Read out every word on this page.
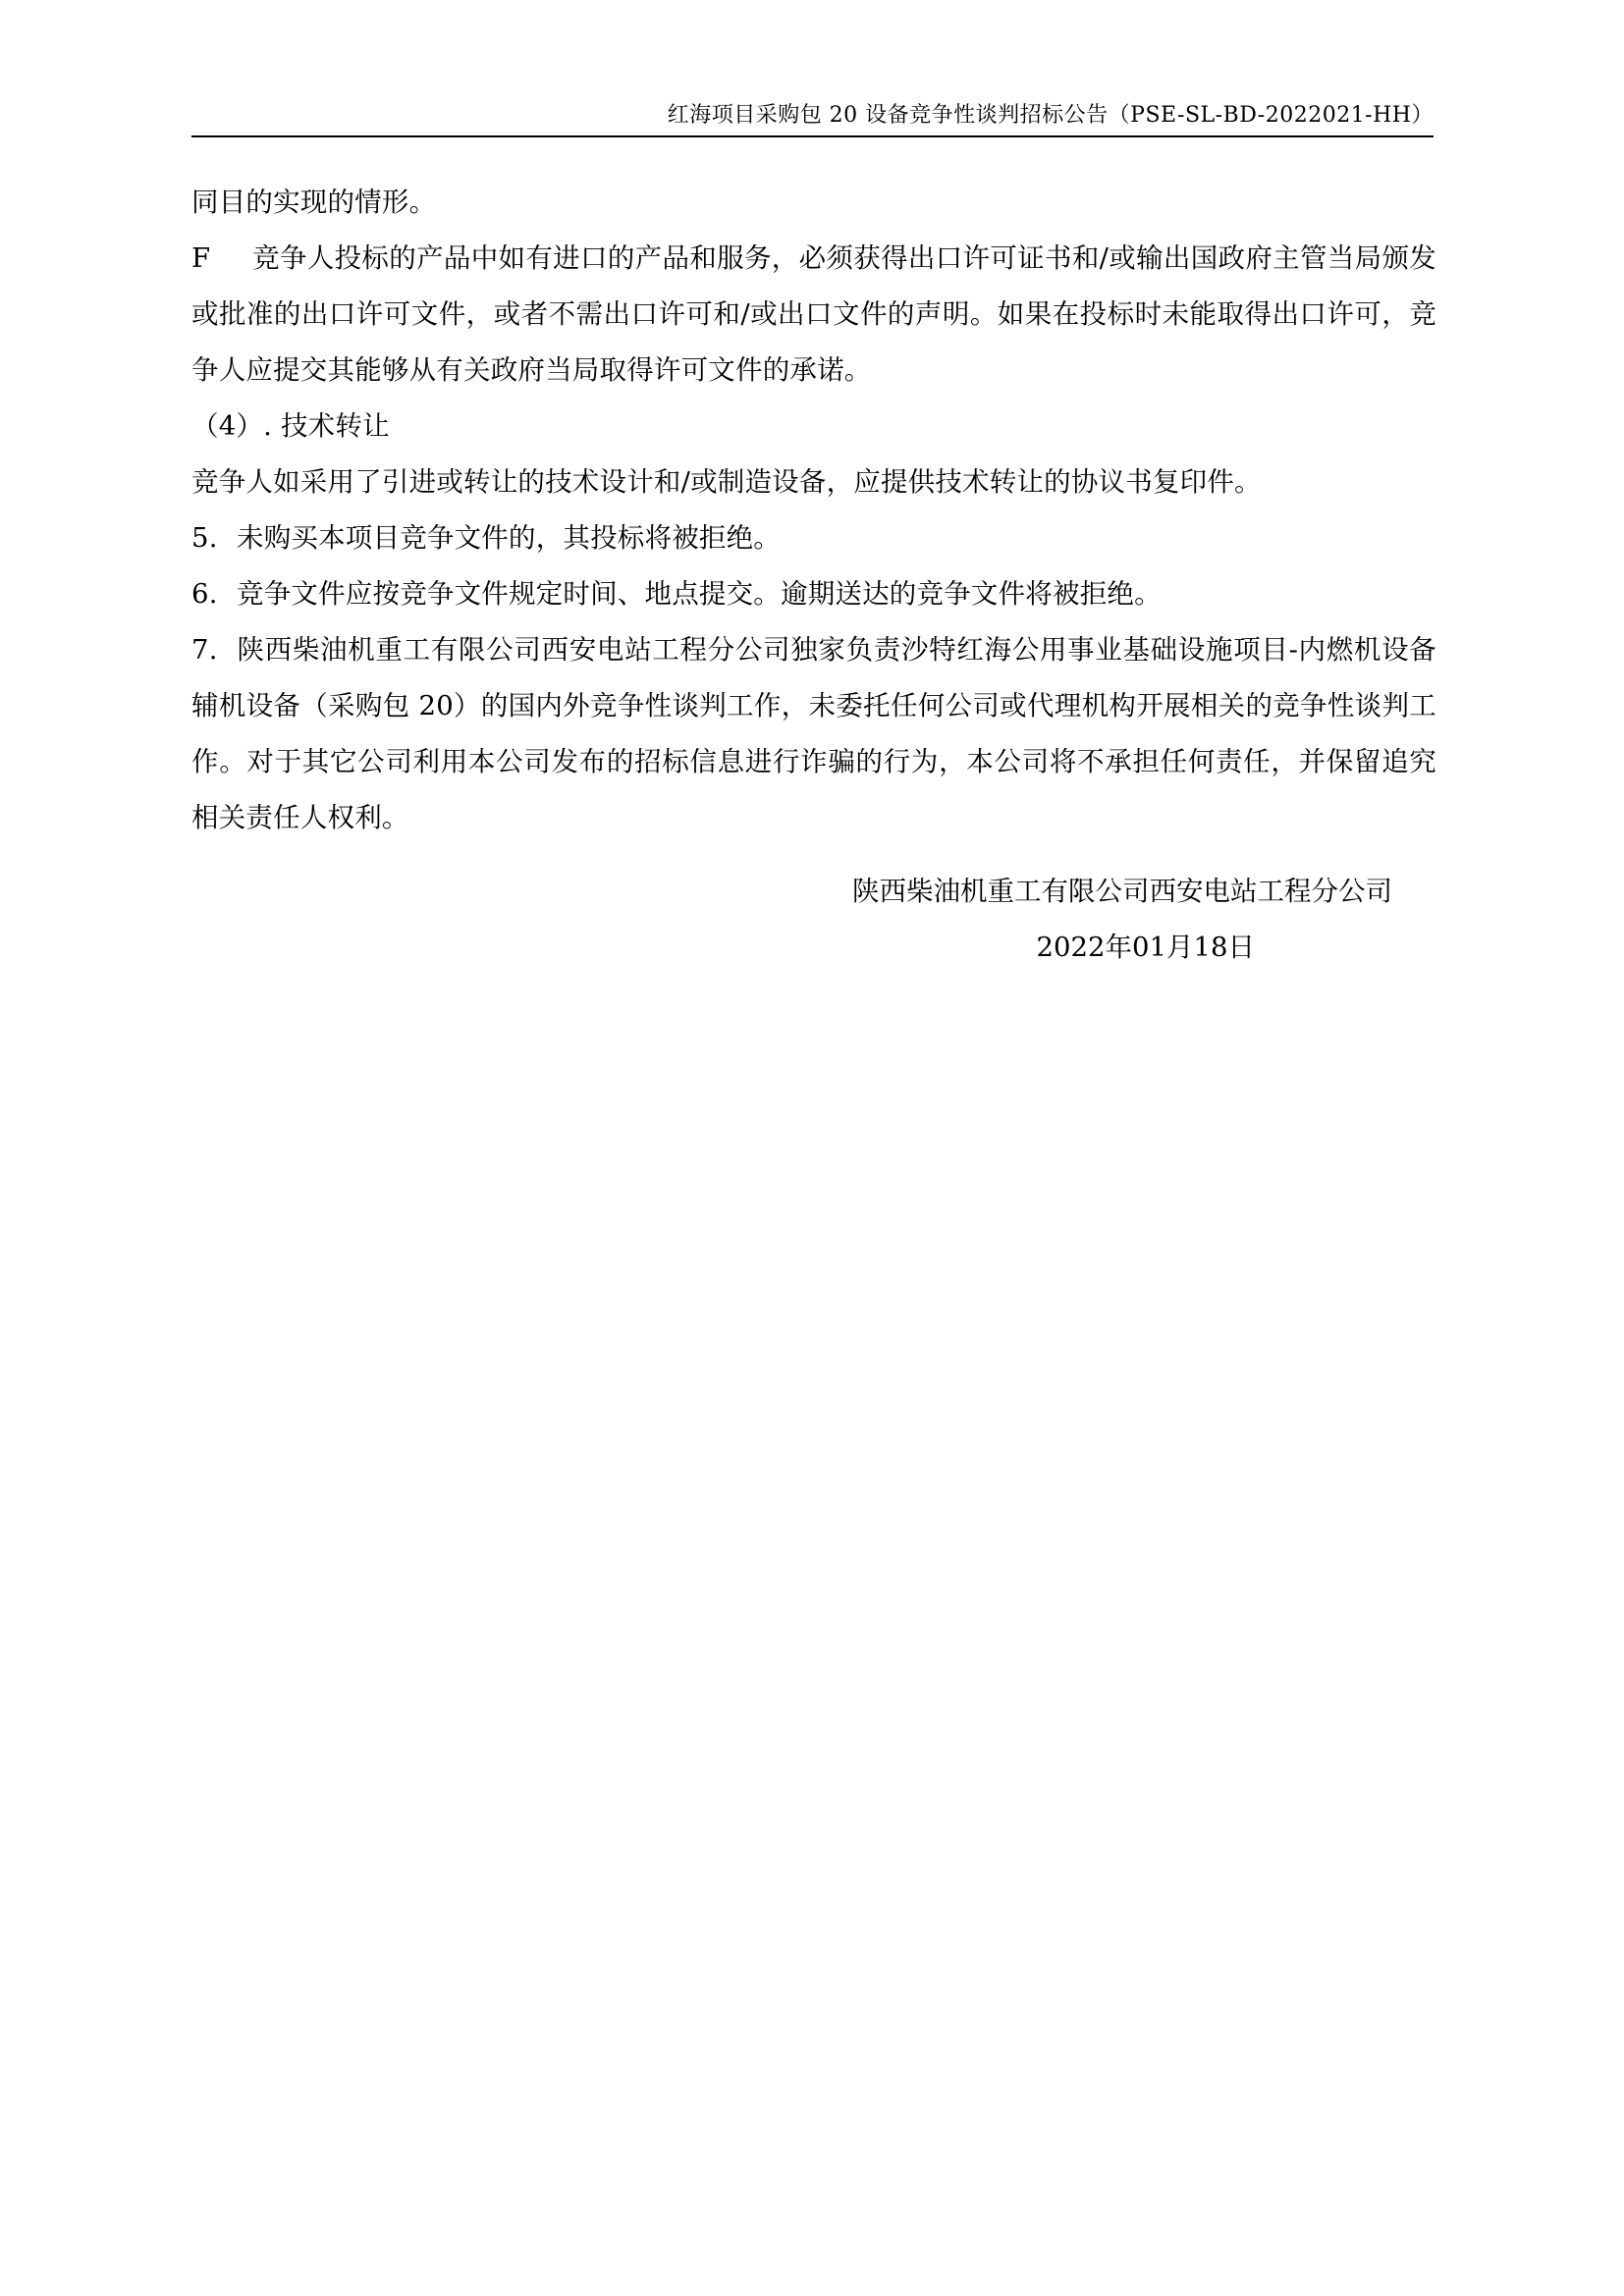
红海项目采购包 20 设备竞争性谈判招标公告（PSE-SL-BD-2022021-HH）

同目的实现的情形。

F 竞争人投标的产品中如有进口的产品和服务，必须获得出口许可证书和/或输出国政府主管当局颁发或批准的出口许可文件，或者不需出口许可和/或出口文件的声明。如果在投标时未能取得出口许可，竞争人应提交其能够从有关政府当局取得许可文件的承诺。

（4）. 技术转让

竞争人如采用了引进或转让的技术设计和/或制造设备，应提供技术转让的协议书复印件。

5. 未购买本项目竞争文件的，其投标将被拒绝。

6. 竞争文件应按竞争文件规定时间、地点提交。逾期送达的竞争文件将被拒绝。

7. 陕西柴油机重工有限公司西安电站工程分公司独家负责沙特红海公用事业基础设施项目-内燃机设备辅机设备（采购包 20）的国内外竞争性谈判工作，未委托任何公司或代理机构开展相关的竞争性谈判工作。对于其它公司利用本公司发布的招标信息进行诈骗的行为，本公司将不承担任何责任，并保留追究相关责任人权利。

陕西柴油机重工有限公司西安电站工程分公司
2022年01月18日
